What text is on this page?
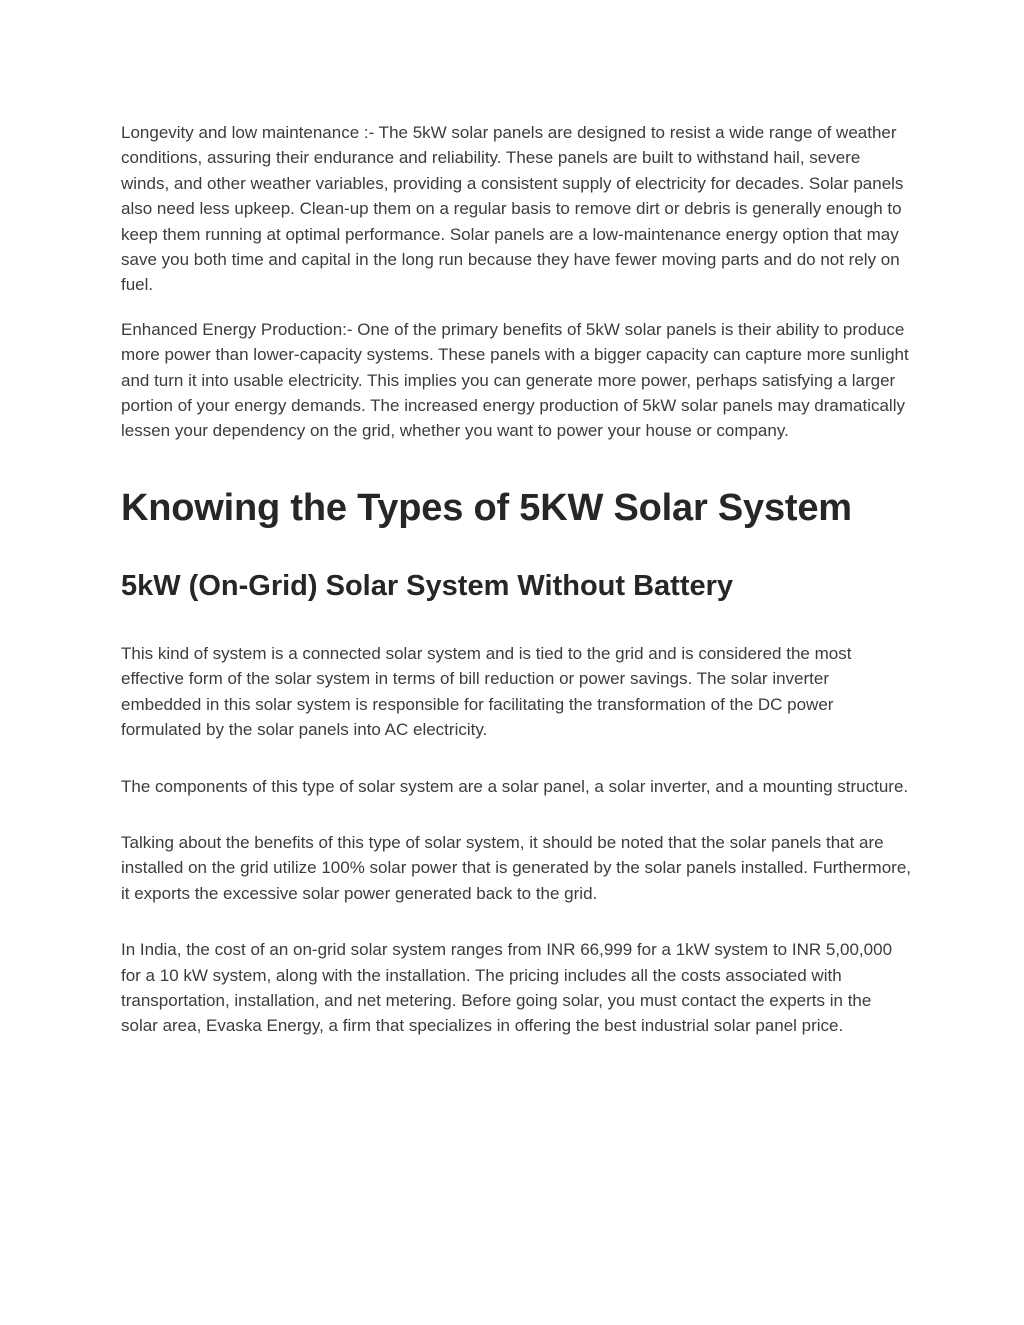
Longevity and low maintenance :- The 5kW solar panels are designed to resist a wide range of weather conditions, assuring their endurance and reliability. These panels are built to withstand hail, severe winds, and other weather variables, providing a consistent supply of electricity for decades. Solar panels also need less upkeep. Clean-up them on a regular basis to remove dirt or debris is generally enough to keep them running at optimal performance. Solar panels are a low-maintenance energy option that may save you both time and capital in the long run because they have fewer moving parts and do not rely on fuel.

Enhanced Energy Production:- One of the primary benefits of 5kW solar panels is their ability to produce more power than lower-capacity systems. These panels with a bigger capacity can capture more sunlight and turn it into usable electricity. This implies you can generate more power, perhaps satisfying a larger portion of your energy demands. The increased energy production of 5kW solar panels may dramatically lessen your dependency on the grid, whether you want to power your house or company.

Knowing the Types of 5KW Solar System
5kW (On-Grid) Solar System Without Battery

This kind of system is a connected solar system and is tied to the grid and is considered the most effective form of the solar system in terms of bill reduction or power savings. The solar inverter embedded in this solar system is responsible for facilitating the transformation of the DC power formulated by the solar panels into AC electricity.

The components of this type of solar system are a solar panel, a solar inverter, and a mounting structure.

Talking about the benefits of this type of solar system, it should be noted that the solar panels that are installed on the grid utilize 100% solar power that is generated by the solar panels installed. Furthermore, it exports the excessive solar power generated back to the grid.

In India, the cost of an on-grid solar system ranges from INR 66,999 for a 1kW system to INR 5,00,000 for a 10 kW system, along with the installation. The pricing includes all the costs associated with transportation, installation, and net metering. Before going solar, you must contact the experts in the solar area, Evaska Energy, a firm that specializes in offering the best industrial solar panel price.
